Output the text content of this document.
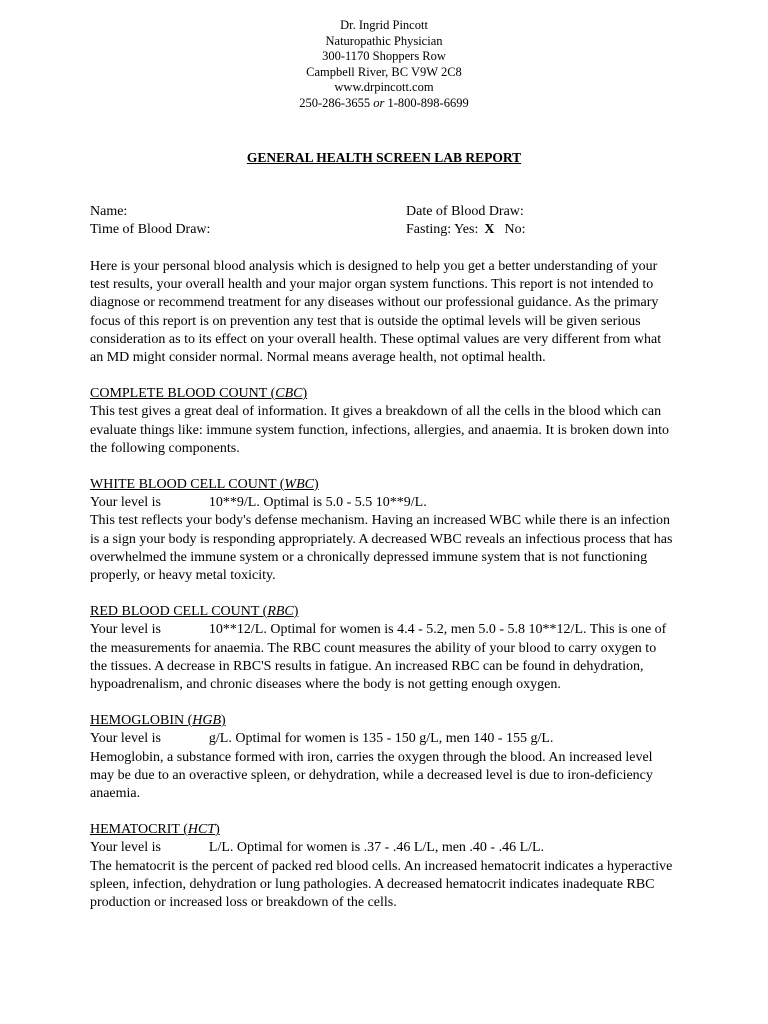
Dr. Ingrid Pincott
Naturopathic Physician
300-1170 Shoppers Row
Campbell River, BC V9W 2C8
www.drpincott.com
250-286-3655 or 1-800-898-6699
GENERAL HEALTH SCREEN LAB REPORT
Name:	Date of Blood Draw:
Time of Blood Draw:	Fasting: Yes: X No:

Here is your personal blood analysis which is designed to help you get a better understanding of your test results, your overall health and your major organ system functions. This report is not intended to diagnose or recommend treatment for any diseases without our professional guidance. As the primary focus of this report is on prevention any test that is outside the optimal levels will be given serious consideration as to its effect on your overall health. These optimal values are very different from what an MD might consider normal. Normal means average health, not optimal health.

COMPLETE BLOOD COUNT (CBC)
This test gives a great deal of information. It gives a breakdown of all the cells in the blood which can evaluate things like: immune system function, infections, allergies, and anaemia. It is broken down into the following components.
WHITE BLOOD CELL COUNT (WBC)
Your level is	10**9/L. Optimal is 5.0 - 5.5 10**9/L.
This test reflects your body's defense mechanism. Having an increased WBC while there is an infection is a sign your body is responding appropriately. A decreased WBC reveals an infectious process that has overwhelmed the immune system or a chronically depressed immune system that is not functioning properly, or heavy metal toxicity.
RED BLOOD CELL COUNT (RBC)
Your level is	10**12/L. Optimal for women is 4.4 - 5.2, men 5.0 - 5.8 10**12/L. This is one of the measurements for anaemia. The RBC count measures the ability of your blood to carry oxygen to the tissues. A decrease in RBC'S results in fatigue. An increased RBC can be found in dehydration, hypoadrenalism, and chronic diseases where the body is not getting enough oxygen.
HEMOGLOBIN (HGB)
Your level is	g/L. Optimal for women is 135 - 150 g/L, men 140 - 155 g/L.
Hemoglobin, a substance formed with iron, carries the oxygen through the blood. An increased level may be due to an overactive spleen, or dehydration, while a decreased level is due to iron-deficiency anaemia.
HEMATOCRIT (HCT)
Your level is	L/L. Optimal for women is .37 - .46 L/L, men .40 - .46 L/L.
The hematocrit is the percent of packed red blood cells. An increased hematocrit indicates a hyperactive spleen, infection, dehydration or lung pathologies. A decreased hematocrit indicates inadequate RBC production or increased loss or breakdown of the cells.
